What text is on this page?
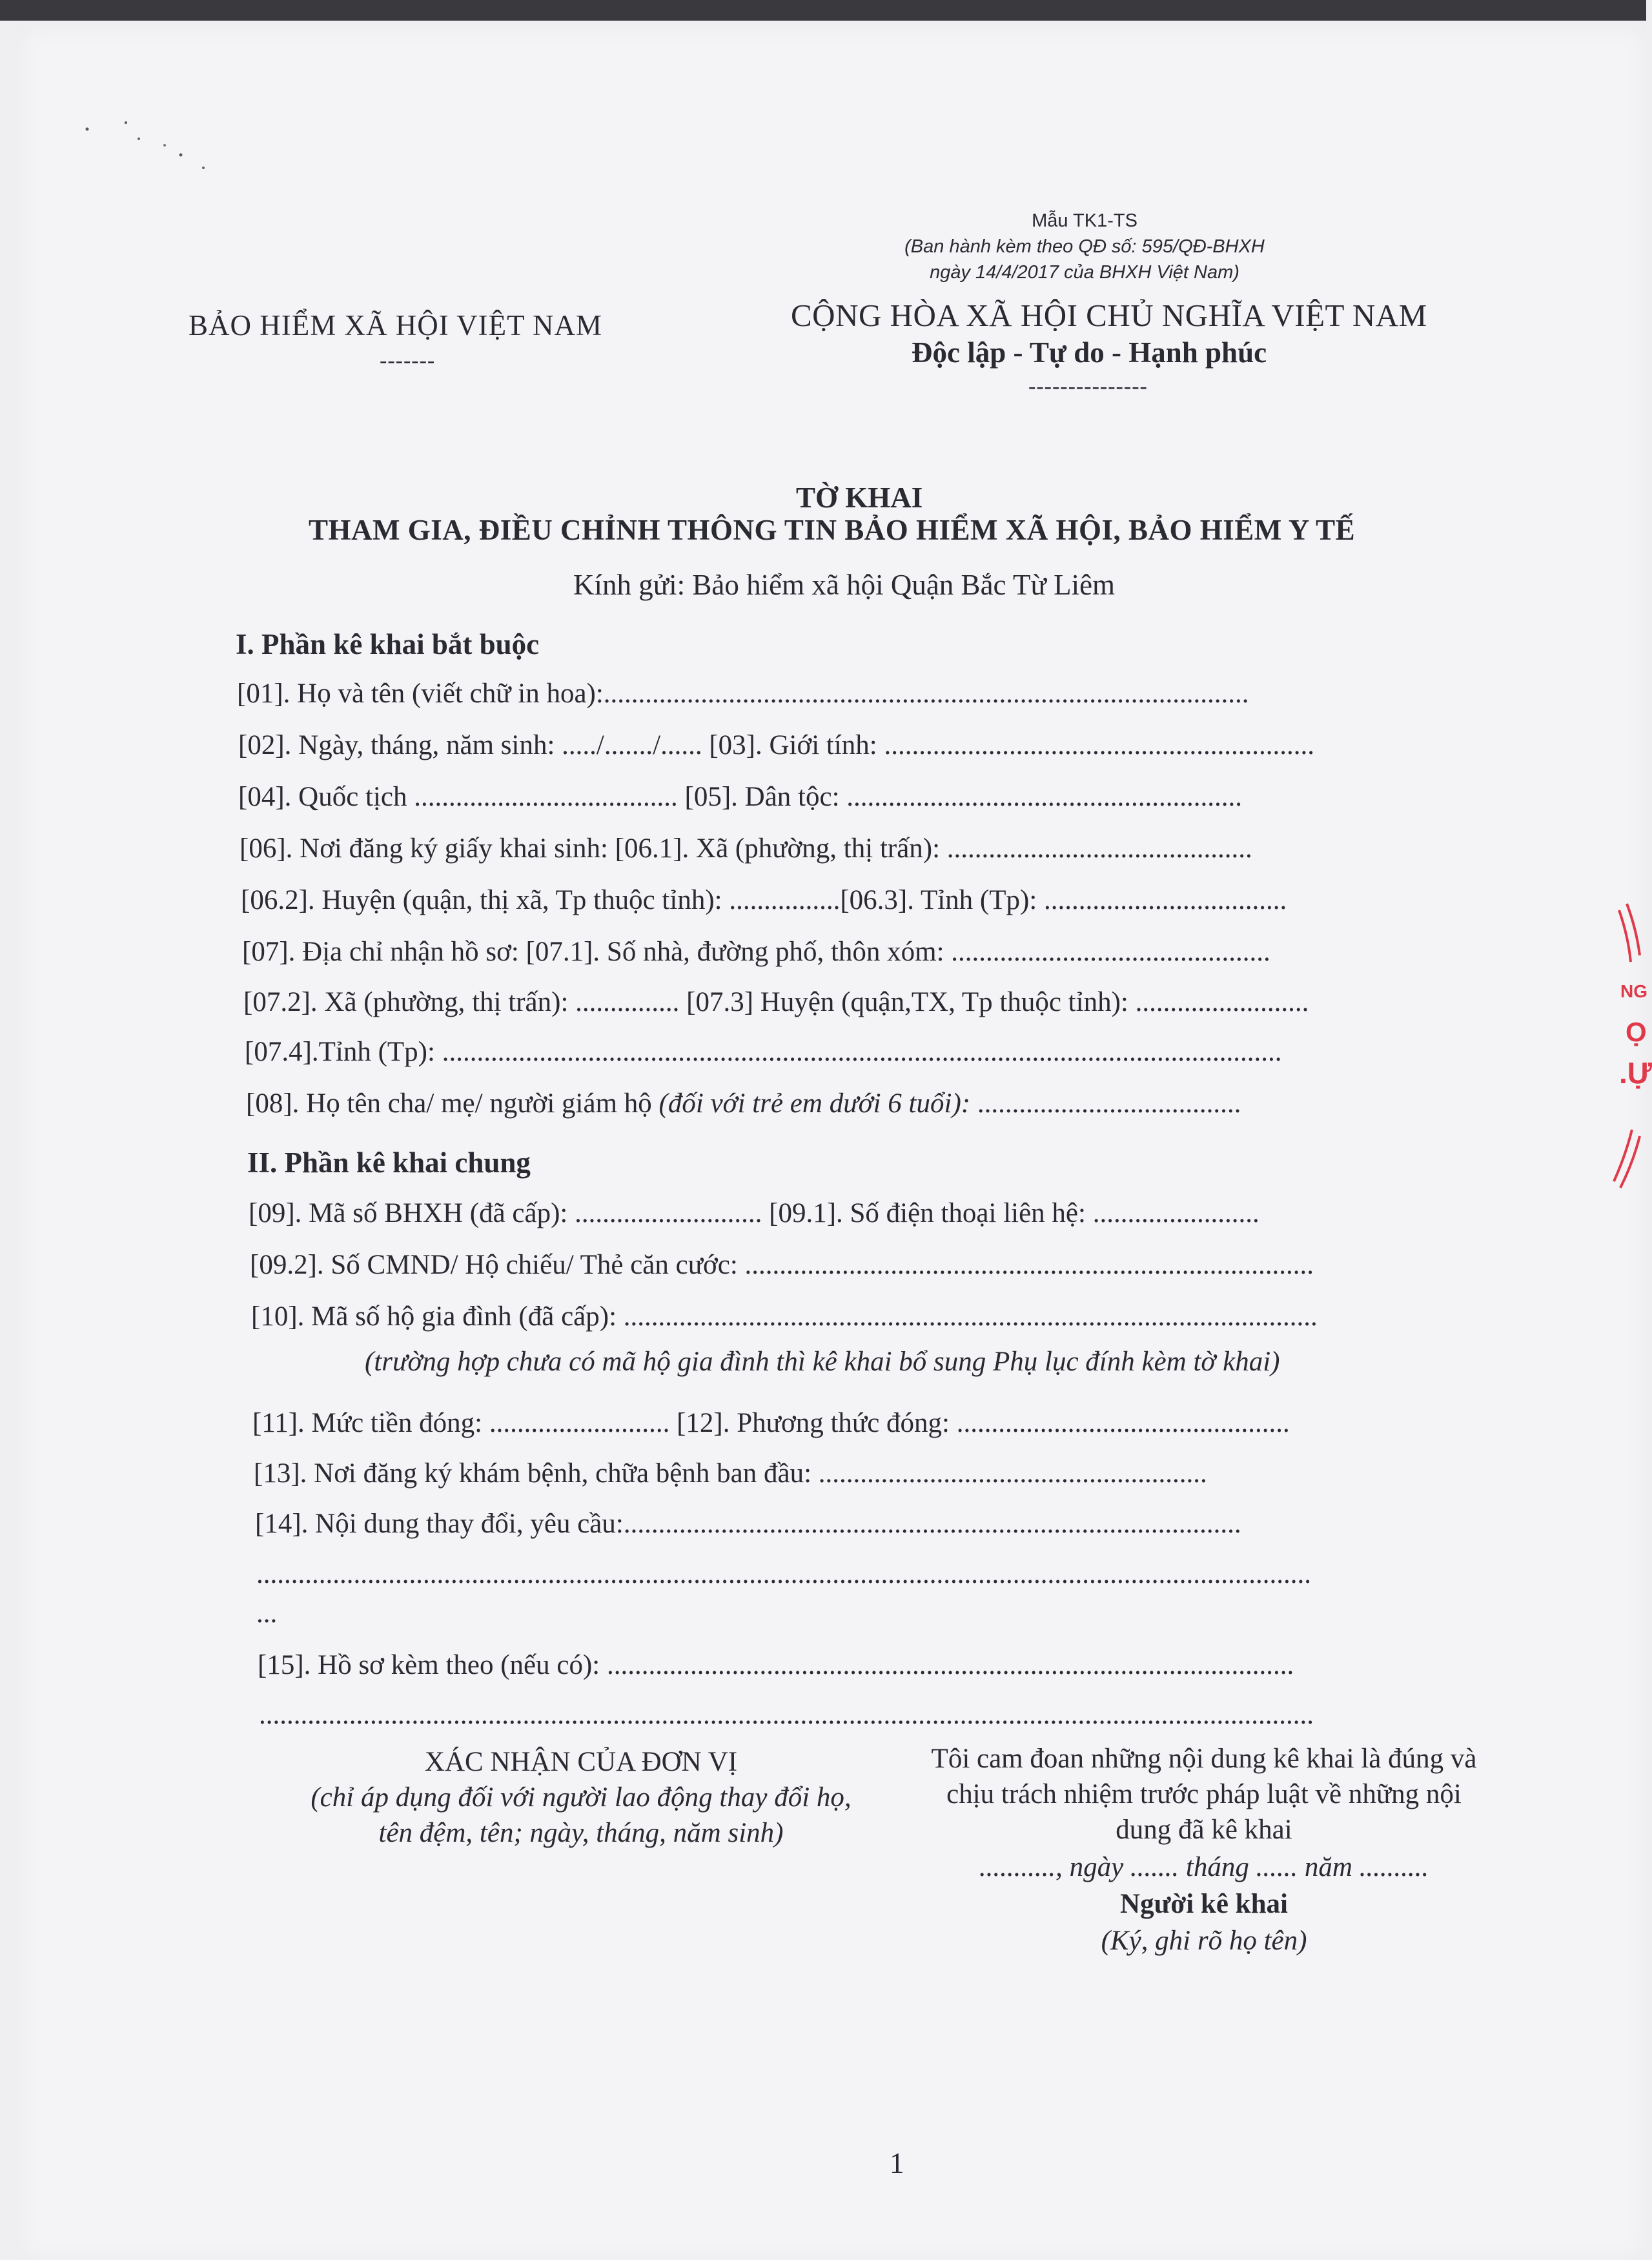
Mẫu TK1-TS
(Ban hành kèm theo QĐ số: 595/QĐ-BHXH
ngày 14/4/2017 của BHXH Việt Nam)
BẢO HIỂM XÃ HỘI VIỆT NAM
-------
CỘNG HÒA XÃ HỘI CHỦ NGHĨA VIỆT NAM
Độc lập - Tự do - Hạnh phúc
---------------
TỜ KHAI
THAM GIA, ĐIỀU CHỈNH THÔNG TIN BẢO HIỂM XÃ HỘI, BẢO HIỂM Y TẾ
Kính gửi: Bảo hiểm xã hội Quận Bắc Từ Liêm
I. Phần kê khai bắt buộc
[01]. Họ và tên (viết chữ in hoa):.............................................................................................
[02]. Ngày, tháng, năm sinh: ...../......./...... [03]. Giới tính: ..............................................................
[04]. Quốc tịch ...................................... [05]. Dân tộc: .........................................................
[06]. Nơi đăng ký giấy khai sinh: [06.1]. Xã (phường, thị trấn): ............................................
[06.2]. Huyện (quận, thị xã, Tp thuộc tỉnh): ................[06.3]. Tỉnh (Tp): ...................................
[07]. Địa chỉ nhận hồ sơ: [07.1]. Số nhà, đường phố, thôn xóm: ..............................................
[07.2]. Xã (phường, thị trấn): ............... [07.3] Huyện (quận,TX, Tp thuộc tỉnh): .........................
[07.4].Tỉnh (Tp): .........................................................................................................................
[08]. Họ tên cha/ mẹ/ người giám hộ (đối với trẻ em dưới 6 tuổi): ......................................
II. Phần kê khai chung
[09]. Mã số BHXH (đã cấp): ........................... [09.1]. Số điện thoại liên hệ: ........................
[09.2]. Số CMND/ Hộ chiếu/ Thẻ căn cước: ..................................................................................
[10]. Mã số hộ gia đình (đã cấp): ....................................................................................................
(trường hợp chưa có mã hộ gia đình thì kê khai bổ sung Phụ lục đính kèm tờ khai)
[11]. Mức tiền đóng: .......................... [12]. Phương thức đóng: ................................................
[13]. Nơi đăng ký khám bệnh, chữa bệnh ban đầu: ........................................................
[14]. Nội dung thay đổi, yêu cầu:.........................................................................................
........................................................................................................................................................
...
[15]. Hồ sơ kèm theo (nếu có): ...................................................................................................
........................................................................................................................................................
XÁC NHẬN CỦA ĐƠN VỊ
(chỉ áp dụng đối với người lao động thay đổi họ,
tên đệm, tên; ngày, tháng, năm sinh)
Tôi cam đoan những nội dung kê khai là đúng và
chịu trách nhiệm trước pháp luật về những nội
dung đã kê khai
..........., ngày ....... tháng ...... năm ..........
Người kê khai
(Ký, ghi rõ họ tên)
1
NG
Ọ
.Ự
